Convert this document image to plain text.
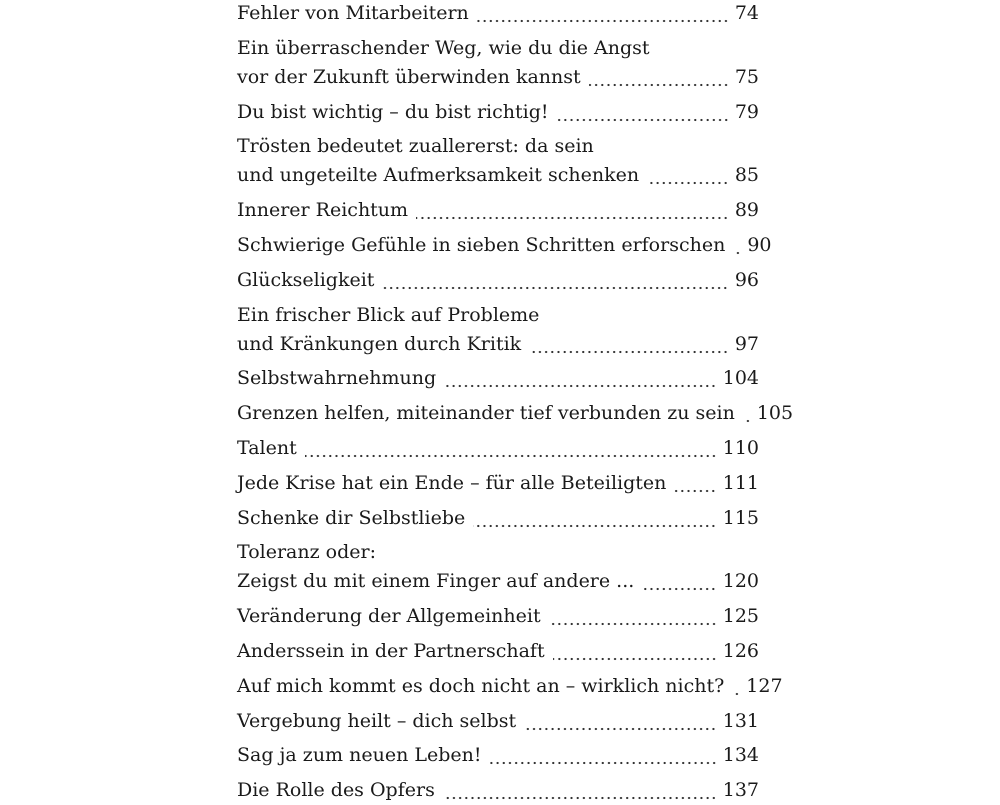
Fehler von Mitarbeitern	74
Ein überraschender Weg, wie du die Angst
vor der Zukunft überwinden kannst	75
Du bist wichtig – du bist richtig!	79
Trösten bedeutet zuallererst: da sein
und ungeteilte Aufmerksamkeit schenken	85
Innerer Reichtum	89
Schwierige Gefühle in sieben Schritten erforschen 90
Glückseligkeit	96
Ein frischer Blick auf Probleme
und Kränkungen durch Kritik	97
Selbstwahrnehmung	104
Grenzen helfen, miteinander tief verbunden zu sein 105
Talent	110
Jede Krise hat ein Ende – für alle Beteiligten	111
Schenke dir Selbstliebe	115
Toleranz oder:
Zeigst du mit einem Finger auf andere ...	120
Veränderung der Allgemeinheit	125
Anderssein in der Partnerschaft	126
Auf mich kommt es doch nicht an – wirklich nicht? 127
Vergebung heilt – dich selbst	131
Sag ja zum neuen Leben!	134
Die Rolle des Opfers	137
